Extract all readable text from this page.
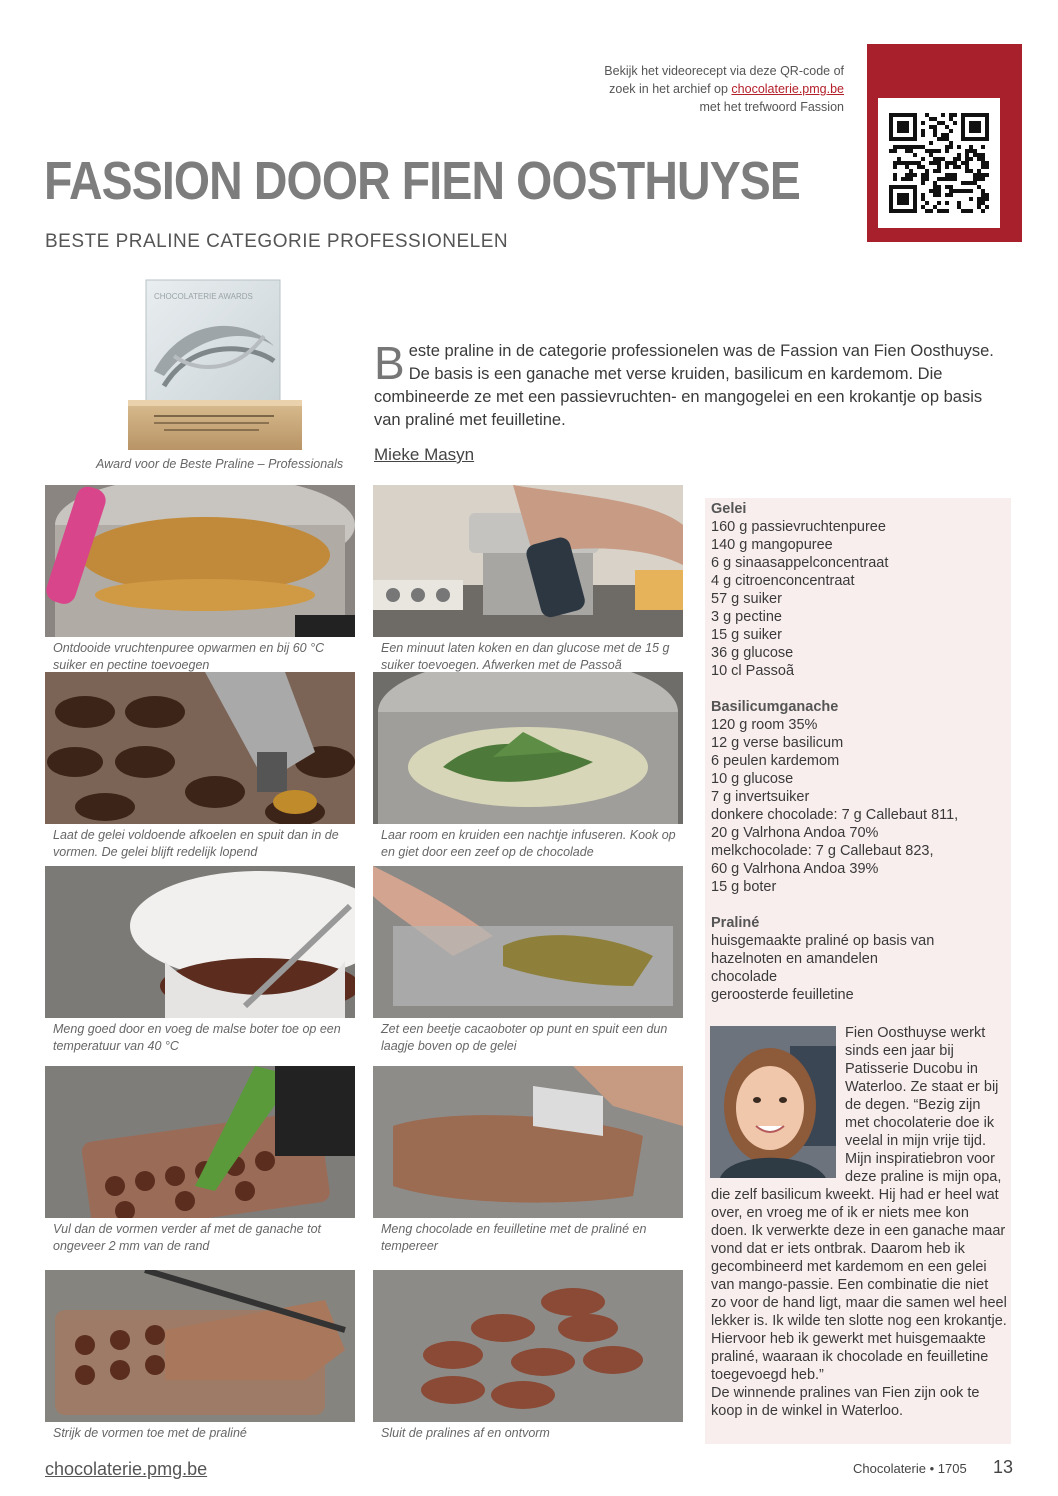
Bekijk het videorecept via deze QR-code of
zoek in het archief op chocolaterie.pmg.be
met het trefwoord Fassion
FASSION DOOR FIEN OOSTHUYSE
BESTE PRALINE CATEGORIE PROFESSIONELEN
CHOCOLATERIE AWARDS
Award voor de Beste Praline – Professionals
Beste praline in de categorie professionelen was de Fassion van Fien Oosthuyse. De basis is een ganache met verse kruiden, basilicum en kardemom. Die combineerde ze met een passievruchten- en mangogelei en een krokantje op basis van praliné met feuilletine.
Mieke Masyn
Ontdooide vruchtenpuree opwarmen en bij 60 °C suiker en pectine toevoegen
Een minuut laten koken en dan glucose met de 15 g suiker toevoegen. Afwerken met de Passoã
Laat de gelei voldoende afkoelen en spuit dan in de vormen. De gelei blijft redelijk lopend
Laar room en kruiden een nachtje infuseren. Kook op en giet door een zeef op de chocolade
Meng goed door en voeg de malse boter toe op een temperatuur van 40 °C
Zet een beetje cacaoboter op punt en spuit een dun laagje boven op de gelei
Vul dan de vormen verder af met de ganache tot ongeveer 2 mm van de rand
Meng chocolade en feuilletine met de praliné en tempereer
Strijk de vormen toe met de praliné	Sluit de pralines af en ontvorm
Gelei
160 g passievruchtenpuree
140 g mangopuree
6 g sinaasappelconcentraat
4 g citroenconcentraat
57 g suiker
3 g pectine
15 g suiker
36 g glucose
10 cl Passoã
Basilicumganache
120 g room 35%
12 g verse basilicum
6 peulen kardemom
10 g glucose
7 g invertsuiker
donkere chocolade: 7 g Callebaut 811,
20 g Valrhona Andoa 70%
melkchocolade: 7 g Callebaut 823,
60 g Valrhona Andoa 39%
15 g boter
Praliné
huisgemaakte praliné op basis van
hazelnoten en amandelen
chocolade
geroosterde feuilletine
Fien Oosthuyse werkt sinds een jaar bij Patisserie Ducobu in Waterloo. Ze staat er bij de degen. “Bezig zijn met chocolaterie doe ik veelal in mijn vrije tijd. Mijn inspiratiebron voor deze praline is mijn opa, die zelf basilicum kweekt. Hij had er heel wat over, en vroeg me of ik er niets mee kon doen. Ik verwerkte deze in een ganache maar vond dat er iets ontbrak. Daarom heb ik gecombineerd met kardemom en een gelei van mango-passie. Een combinatie die niet zo voor de hand ligt, maar die samen wel heel lekker is. Ik wilde ten slotte nog een krokantje. Hiervoor heb ik gewerkt met huisgemaakte praliné, waaraan ik chocolade en feuilletine toegevoegd heb.”
De winnende pralines van Fien zijn ook te koop in de winkel in Waterloo.
chocolaterie.pmg.be	Chocolaterie • 1705 13
